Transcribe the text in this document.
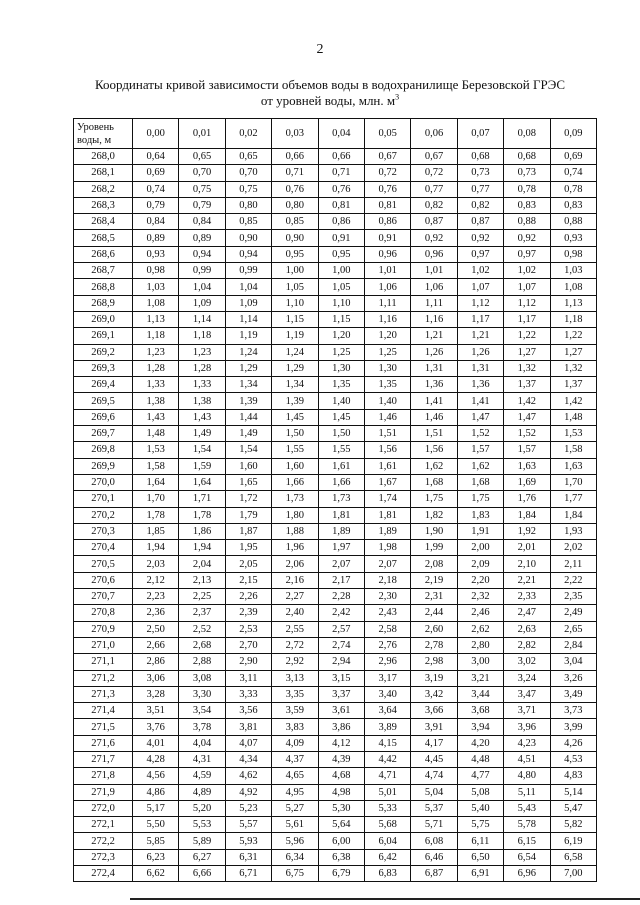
2
Координаты кривой зависимости объемов воды в водохранилище Березовской ГРЭС
от уровней воды, млн. $м^3$
Уровень воды, м	0,00	0,01	0,02	0,03	0,04	0,05	0,06	0,07	0,08	0,09
268,0	0,64	0,65	0,65	0,66	0,66	0,67	0,67	0,68	0,68	0,69
268,1	0,69	0,70	0,70	0,71	0,71	0,72	0,72	0,73	0,73	0,74
268,2	0,74	0,75	0,75	0,76	0,76	0,76	0,77	0,77	0,78	0,78
268,3	0,79	0,79	0,80	0,80	0,81	0,81	0,82	0,82	0,83	0,83
268,4	0,84	0,84	0,85	0,85	0,86	0,86	0,87	0,87	0,88	0,88
268,5	0,89	0,89	0,90	0,90	0,91	0,91	0,92	0,92	0,92	0,93
268,6	0,93	0,94	0,94	0,95	0,95	0,96	0,96	0,97	0,97	0,98
268,7	0,98	0,99	0,99	1,00	1,00	1,01	1,01	1,02	1,02	1,03
268,8	1,03	1,04	1,04	1,05	1,05	1,06	1,06	1,07	1,07	1,08
268,9	1,08	1,09	1,09	1,10	1,10	1,11	1,11	1,12	1,12	1,13
269,0	1,13	1,14	1,14	1,15	1,15	1,16	1,16	1,17	1,17	1,18
269,1	1,18	1,18	1,19	1,19	1,20	1,20	1,21	1,21	1,22	1,22
269,2	1,23	1,23	1,24	1,24	1,25	1,25	1,26	1,26	1,27	1,27
269,3	1,28	1,28	1,29	1,29	1,30	1,30	1,31	1,31	1,32	1,32
269,4	1,33	1,33	1,34	1,34	1,35	1,35	1,36	1,36	1,37	1,37
269,5	1,38	1,38	1,39	1,39	1,40	1,40	1,41	1,41	1,42	1,42
269,6	1,43	1,43	1,44	1,45	1,45	1,46	1,46	1,47	1,47	1,48
269,7	1,48	1,49	1,49	1,50	1,50	1,51	1,51	1,52	1,52	1,53
269,8	1,53	1,54	1,54	1,55	1,55	1,56	1,56	1,57	1,57	1,58
269,9	1,58	1,59	1,60	1,60	1,61	1,61	1,62	1,62	1,63	1,63
270,0	1,64	1,64	1,65	1,66	1,66	1,67	1,68	1,68	1,69	1,70
270,1	1,70	1,71	1,72	1,73	1,73	1,74	1,75	1,75	1,76	1,77
270,2	1,78	1,78	1,79	1,80	1,81	1,81	1,82	1,83	1,84	1,84
270,3	1,85	1,86	1,87	1,88	1,89	1,89	1,90	1,91	1,92	1,93
270,4	1,94	1,94	1,95	1,96	1,97	1,98	1,99	2,00	2,01	2,02
270,5	2,03	2,04	2,05	2,06	2,07	2,07	2,08	2,09	2,10	2,11
270,6	2,12	2,13	2,15	2,16	2,17	2,18	2,19	2,20	2,21	2,22
270,7	2,23	2,25	2,26	2,27	2,28	2,30	2,31	2,32	2,33	2,35
270,8	2,36	2,37	2,39	2,40	2,42	2,43	2,44	2,46	2,47	2,49
270,9	2,50	2,52	2,53	2,55	2,57	2,58	2,60	2,62	2,63	2,65
271,0	2,66	2,68	2,70	2,72	2,74	2,76	2,78	2,80	2,82	2,84
271,1	2,86	2,88	2,90	2,92	2,94	2,96	2,98	3,00	3,02	3,04
271,2	3,06	3,08	3,11	3,13	3,15	3,17	3,19	3,21	3,24	3,26
271,3	3,28	3,30	3,33	3,35	3,37	3,40	3,42	3,44	3,47	3,49
271,4	3,51	3,54	3,56	3,59	3,61	3,64	3,66	3,68	3,71	3,73
271,5	3,76	3,78	3,81	3,83	3,86	3,89	3,91	3,94	3,96	3,99
271,6	4,01	4,04	4,07	4,09	4,12	4,15	4,17	4,20	4,23	4,26
271,7	4,28	4,31	4,34	4,37	4,39	4,42	4,45	4,48	4,51	4,53
271,8	4,56	4,59	4,62	4,65	4,68	4,71	4,74	4,77	4,80	4,83
271,9	4,86	4,89	4,92	4,95	4,98	5,01	5,04	5,08	5,11	5,14
272,0	5,17	5,20	5,23	5,27	5,30	5,33	5,37	5,40	5,43	5,47
272,1	5,50	5,53	5,57	5,61	5,64	5,68	5,71	5,75	5,78	5,82
272,2	5,85	5,89	5,93	5,96	6,00	6,04	6,08	6,11	6,15	6,19
272,3	6,23	6,27	6,31	6,34	6,38	6,42	6,46	6,50	6,54	6,58
272,4	6,62	6,66	6,71	6,75	6,79	6,83	6,87	6,91	6,96	7,00
